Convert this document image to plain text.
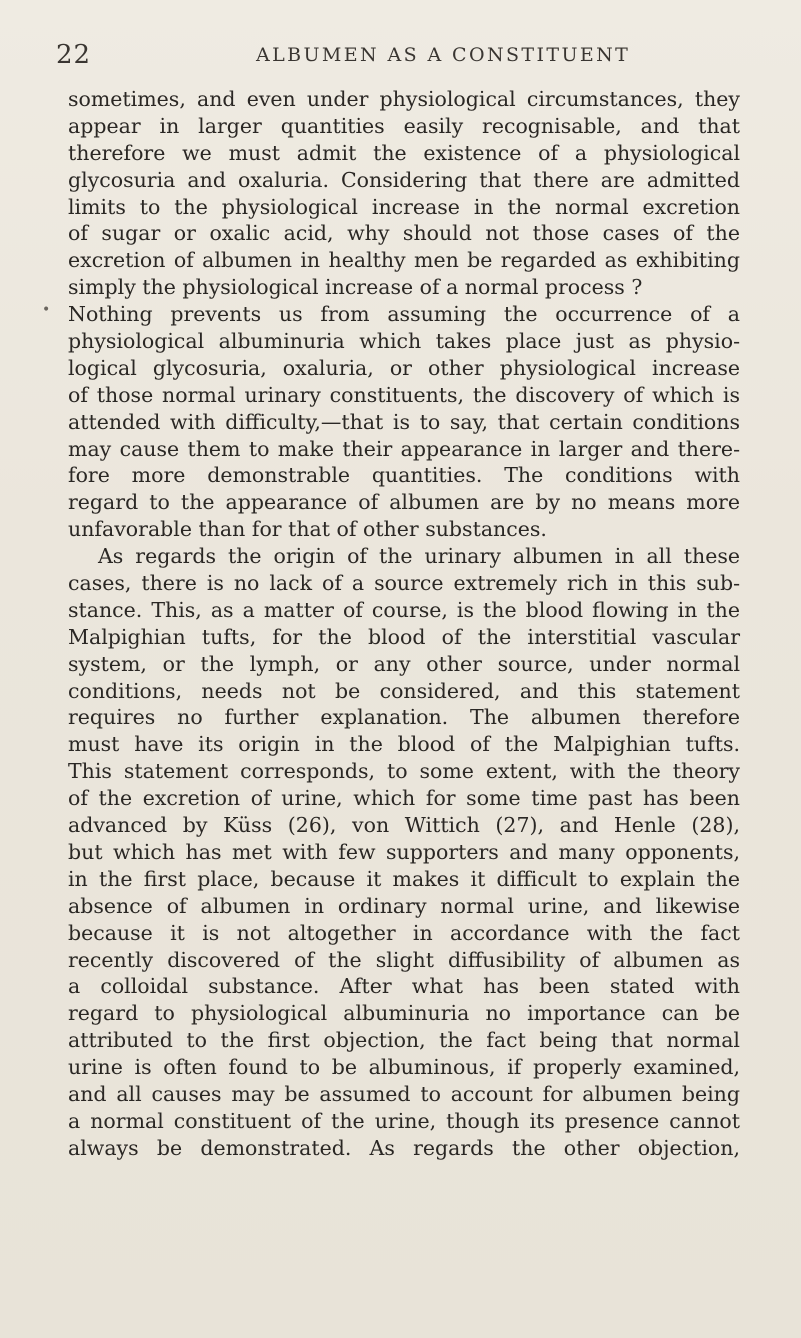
22	ALBUMEN AS A CONSTITUENT
•
sometimes, and even under physiological circumstances, they
appear in larger quantities easily recognisable, and that
therefore we must admit the existence of a physiological
glycosuria and oxaluria. Considering that there are admitted
limits to the physiological increase in the normal excretion
of sugar or oxalic acid, why should not those cases of the
excretion of albumen in healthy men be regarded as exhibiting
simply the physiological increase of a normal process ?
Nothing prevents us from assuming the occurrence of a
physiological albuminuria which takes place just as physio-
logical glycosuria, oxaluria, or other physiological increase
of those normal urinary constituents, the discovery of which is
attended with difficulty,—that is to say, that certain conditions
may cause them to make their appearance in larger and there-
fore more demonstrable quantities. The conditions with
regard to the appearance of albumen are by no means more
unfavorable than for that of other substances.
As regards the origin of the urinary albumen in all these
cases, there is no lack of a source extremely rich in this sub-
stance. This, as a matter of course, is the blood flowing in the
Malpighian tufts, for the blood of the interstitial vascular
system, or the lymph, or any other source, under normal
conditions, needs not be considered, and this statement
requires no further explanation. The albumen therefore
must have its origin in the blood of the Malpighian tufts.
This statement corresponds, to some extent, with the theory
of the excretion of urine, which for some time past has been
advanced by Küss (26), von Wittich (27), and Henle (28),
but which has met with few supporters and many opponents,
in the first place, because it makes it difficult to explain the
absence of albumen in ordinary normal urine, and likewise
because it is not altogether in accordance with the fact
recently discovered of the slight diffusibility of albumen as
a colloidal substance. After what has been stated with
regard to physiological albuminuria no importance can be
attributed to the first objection, the fact being that normal
urine is often found to be albuminous, if properly examined,
and all causes may be assumed to account for albumen being
a normal constituent of the urine, though its presence cannot
always be demonstrated. As regards the other objection,
